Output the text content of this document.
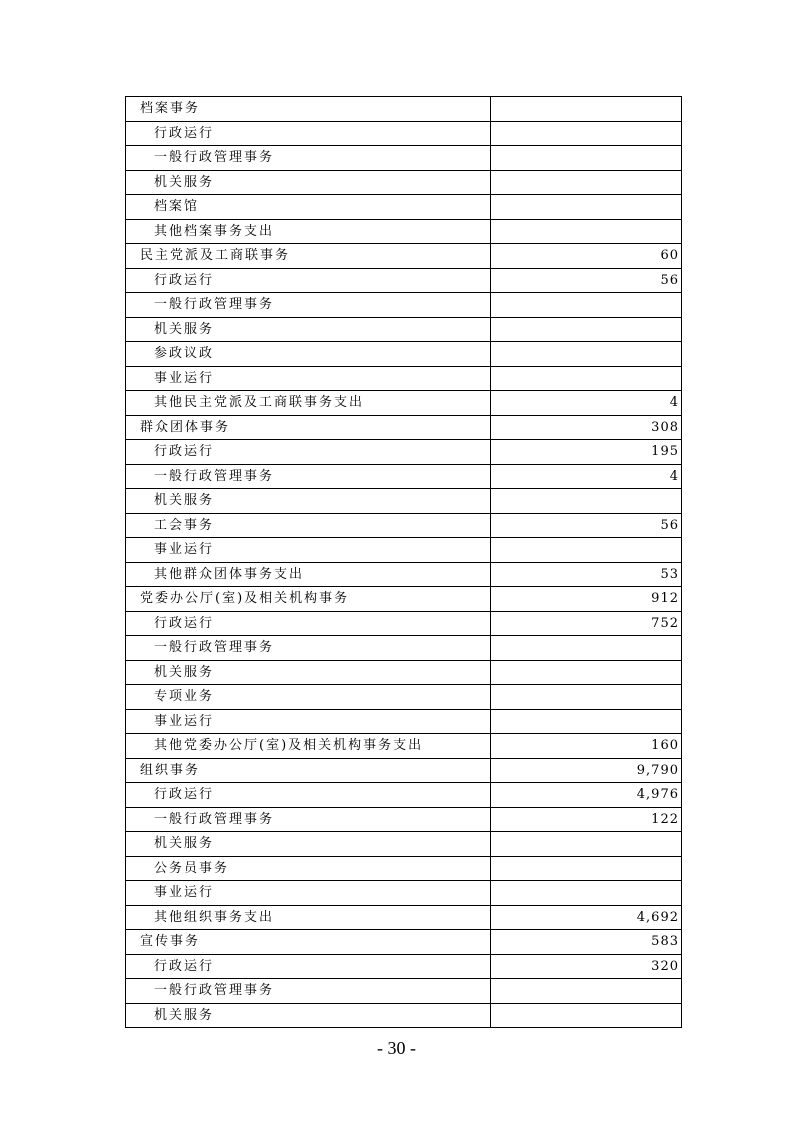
档案事务
行政运行
一般行政管理事务
机关服务
档案馆
其他档案事务支出
民主党派及工商联事务	60
行政运行	56
一般行政管理事务
机关服务
参政议政
事业运行
其他民主党派及工商联事务支出	4
群众团体事务	308
行政运行	195
一般行政管理事务	4
机关服务
工会事务	56
事业运行
其他群众团体事务支出	53
党委办公厅(室)及相关机构事务	912
行政运行	752
一般行政管理事务
机关服务
专项业务
事业运行
其他党委办公厅(室)及相关机构事务支出	160
组织事务	9,790
行政运行	4,976
一般行政管理事务	122
机关服务
公务员事务
事业运行
其他组织事务支出	4,692
宣传事务	583
行政运行	320
一般行政管理事务
机关服务
- 30 -
